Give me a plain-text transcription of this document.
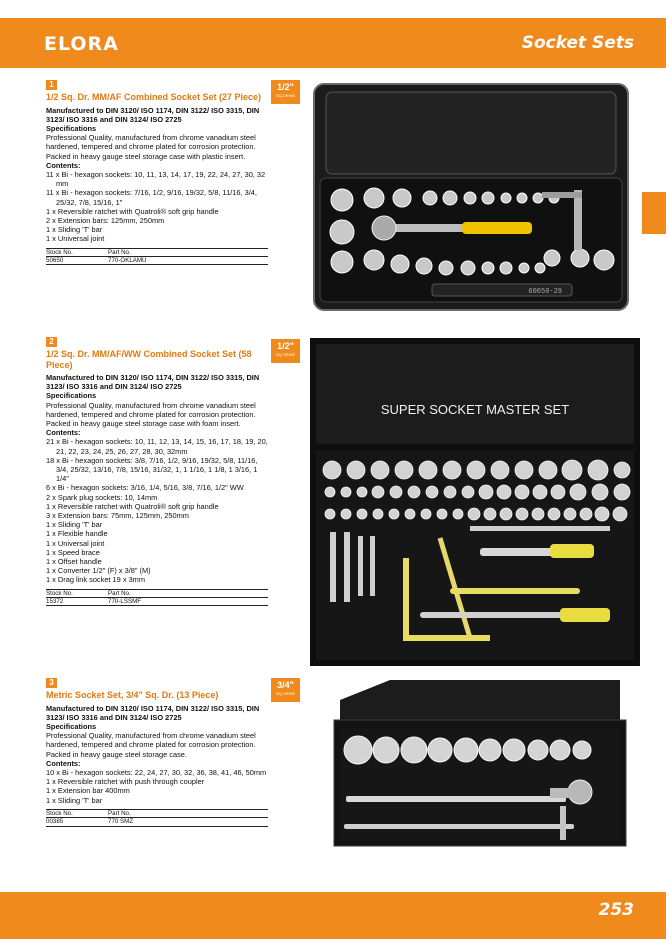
ELORA	Socket Sets
1
1/2 Sq. Dr. MM/AF Combined Socket Set (27 Piece)
Manufactured to DIN 3120/ ISO 1174, DIN 3122/ ISO 3315, DIN 3123/ ISO 3316 and DIN 3124/ ISO 2725
Specifications
Professional Quality, manufactured from chrome vanadium steel hardened, tempered and chrome plated for corrosion protection. Packed in heavy gauge steel storage case with plastic insert.
Contents:
11 x Bi - hexagon sockets: 10, 11, 13, 14, 17, 19, 22, 24, 27, 30, 32 mm
11 x Bi - hexagon sockets: 7/16, 1/2, 9/16, 19/32, 5/8, 11/16, 3/4, 25/32, 7/8, 15/16, 1"
1 x Reversible ratchet with Quatroli® soft grip handle
2 x Extension bars: 125mm, 250mm
1 x Sliding 'T' bar
1 x Universal joint
Stock No.	Part No.
50650	770-OKLAMU
1/2"
SQ.DRIVE
60650-29
2
1/2 Sq. Dr. MM/AF/WW Combined Socket Set (58 Piece)
Manufactured to DIN 3120/ ISO 1174, DIN 3122/ ISO 3315, DIN 3123/ ISO 3316 and DIN 3124/ ISO 2725
Specifications
Professional Quality, manufactured from chrome vanadium steel hardened, tempered and chrome plated for corrosion protection. Packed in heavy gauge steel storage case with foam insert.
Contents:
21 x Bi - hexagon sockets: 10, 11, 12, 13, 14, 15, 16, 17, 18, 19, 20, 21, 22, 23, 24, 25, 26, 27, 28, 30, 32mm
18 x Bi - hexagon sockets: 3/8, 7/16, 1/2, 9/16, 19/32, 5/8, 11/16, 3/4, 25/32, 13/16, 7/8, 15/16, 31/32, 1, 1 1/16, 1 1/8, 1 3/16, 1 1/4"
6 x Bi - hexagon sockets: 3/16, 1/4, 5/16, 3/8, 7/16, 1/2" WW
2 x Spark plug sockets: 10, 14mm
1 x Reversible ratchet with Quatroli® soft grip handle
3 x Extension bars: 75mm, 125mm, 250mm
1 x Sliding 'T' bar
1 x Flexible handle
1 x Universal joint
1 x Speed brace
1 x Offset handle
1 x Converter 1/2" (F) x 3/8" (M)
1 x Drag link socket 19 x 3mm
Stock No.	Part No.
15372	770-LSSMF
1/2"
SQ.DRIVE
SUPER SOCKET MASTER SET
3
Metric Socket Set, 3/4" Sq. Dr. (13 Piece)
Manufactured to DIN 3120/ ISO 1174, DIN 3122/ ISO 3315, DIN 3123/ ISO 3316 and DIN 3124/ ISO 2725
Specifications
Professional Quality, manufactured from chrome vanadium steel hardened, tempered and chrome plated for corrosion protection. Packed in heavy gauge steel storage case.
Contents:
10 x Bi - hexagon sockets: 22, 24, 27, 30, 32, 36, 38, 41, 46, 50mm
1 x Reversible ratchet with push through coupler
1 x Extension bar 400mm
1 x Sliding 'T' bar
Stock No.	Part No.
00385	770 SMZ
3/4"
SQ.DRIVE
253
